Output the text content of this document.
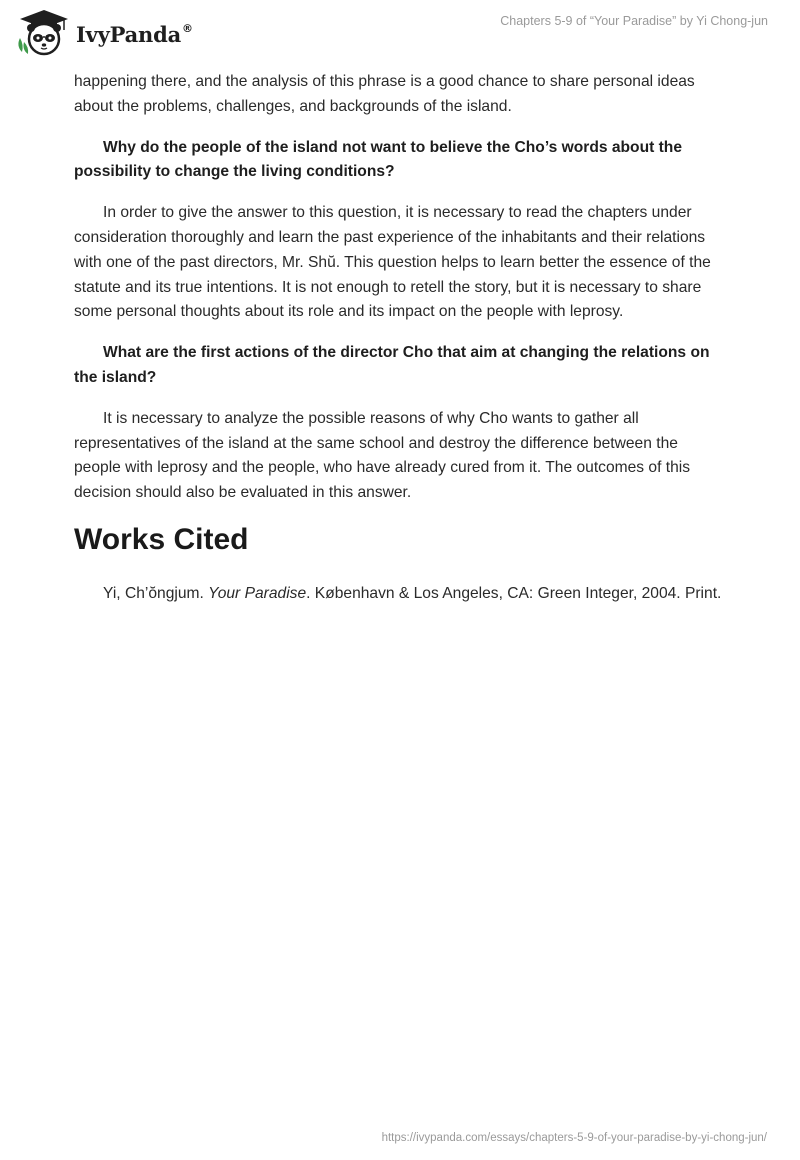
IvyPanda®	Chapters 5-9 of “Your Paradise” by Yi Chong-jun

happening there, and the analysis of this phrase is a good chance to share personal ideas about the problems, challenges, and backgrounds of the island.

Why do the people of the island not want to believe the Cho’s words about the possibility to change the living conditions?

In order to give the answer to this question, it is necessary to read the chapters under consideration thoroughly and learn the past experience of the inhabitants and their relations with one of the past directors, Mr. Shŭ. This question helps to learn better the essence of the statute and its true intentions. It is not enough to retell the story, but it is necessary to share some personal thoughts about its role and its impact on the people with leprosy.

What are the first actions of the director Cho that aim at changing the relations on the island?

It is necessary to analyze the possible reasons of why Cho wants to gather all representatives of the island at the same school and destroy the difference between the people with leprosy and the people, who have already cured from it. The outcomes of this decision should also be evaluated in this answer.

Works Cited

Yi, Ch’ŏngjum. Your Paradise. København & Los Angeles, CA: Green Integer, 2004. Print.

https://ivypanda.com/essays/chapters-5-9-of-your-paradise-by-yi-chong-jun/
